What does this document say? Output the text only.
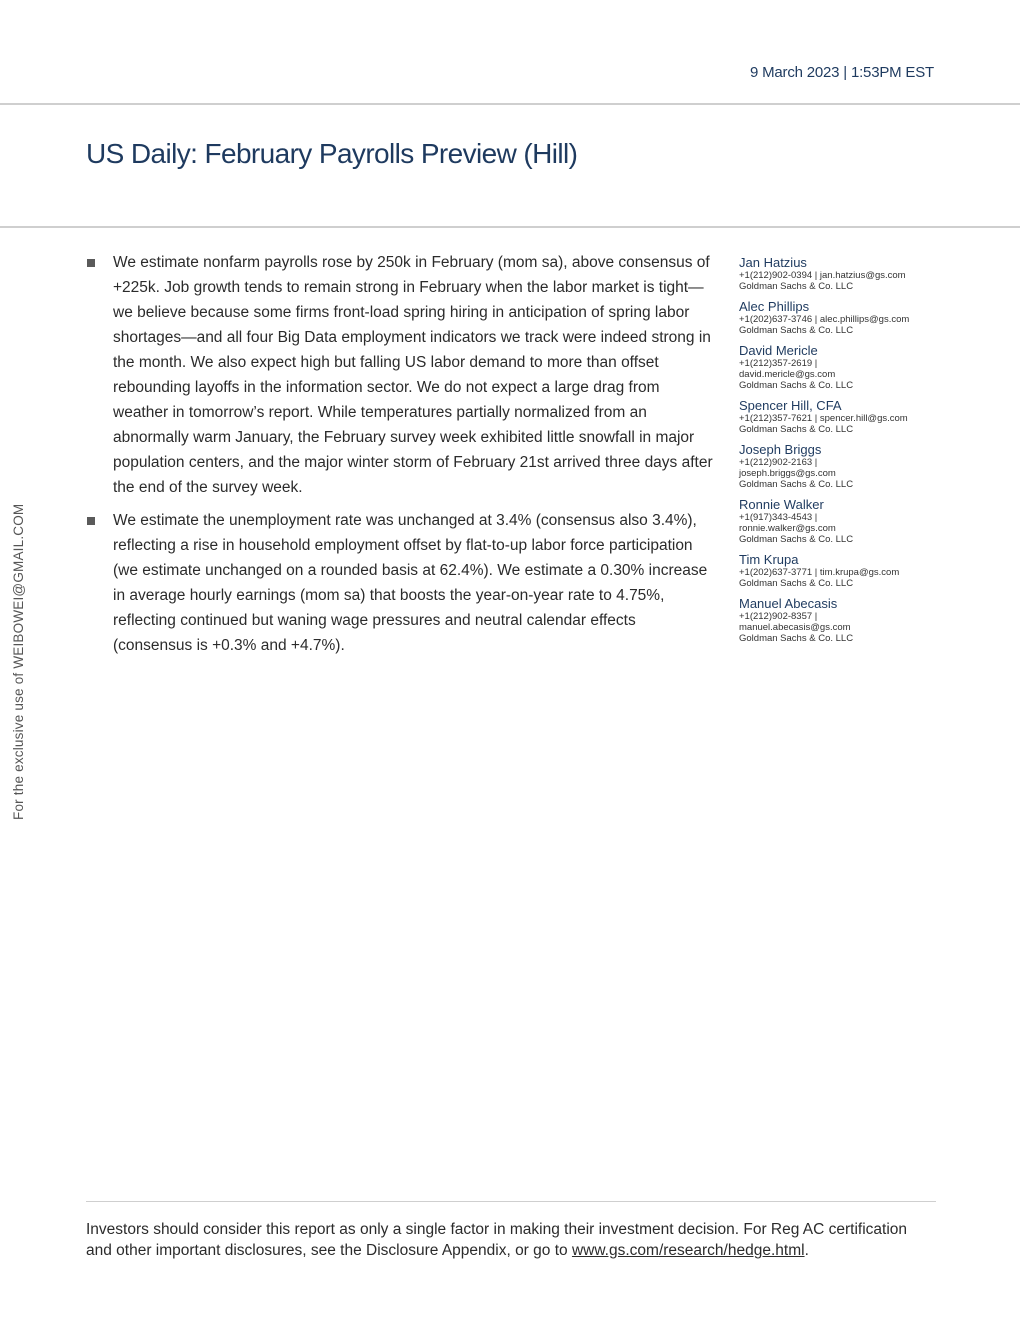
9 March 2023 | 1:53PM EST
US Daily: February Payrolls Preview (Hill)
For the exclusive use of WEIBOWEI@GMAIL.COM
We estimate nonfarm payrolls rose by 250k in February (mom sa), above consensus of +225k. Job growth tends to remain strong in February when the labor market is tight—we believe because some firms front-load spring hiring in anticipation of spring labor shortages—and all four Big Data employment indicators we track were indeed strong in the month. We also expect high but falling US labor demand to more than offset rebounding layoffs in the information sector. We do not expect a large drag from weather in tomorrow’s report. While temperatures partially normalized from an abnormally warm January, the February survey week exhibited little snowfall in major population centers, and the major winter storm of February 21st arrived three days after the end of the survey week.
We estimate the unemployment rate was unchanged at 3.4% (consensus also 3.4%), reflecting a rise in household employment offset by flat-to-up labor force participation (we estimate unchanged on a rounded basis at 62.4%). We estimate a 0.30% increase in average hourly earnings (mom sa) that boosts the year-on-year rate to 4.75%, reflecting continued but waning wage pressures and neutral calendar effects (consensus is +0.3% and +4.7%).
Jan Hatzius
+1(212)902-0394 | jan.hatzius@gs.com
Goldman Sachs & Co. LLC
Alec Phillips
+1(202)637-3746 | alec.phillips@gs.com
Goldman Sachs & Co. LLC
David Mericle
+1(212)357-2619 |
david.mericle@gs.com
Goldman Sachs & Co. LLC
Spencer Hill, CFA
+1(212)357-7621 | spencer.hill@gs.com
Goldman Sachs & Co. LLC
Joseph Briggs
+1(212)902-2163 |
joseph.briggs@gs.com
Goldman Sachs & Co. LLC
Ronnie Walker
+1(917)343-4543 |
ronnie.walker@gs.com
Goldman Sachs & Co. LLC
Tim Krupa
+1(202)637-3771 | tim.krupa@gs.com
Goldman Sachs & Co. LLC
Manuel Abecasis
+1(212)902-8357 |
manuel.abecasis@gs.com
Goldman Sachs & Co. LLC
Investors should consider this report as only a single factor in making their investment decision. For Reg AC certification and other important disclosures, see the Disclosure Appendix, or go to www.gs.com/research/hedge.html.
